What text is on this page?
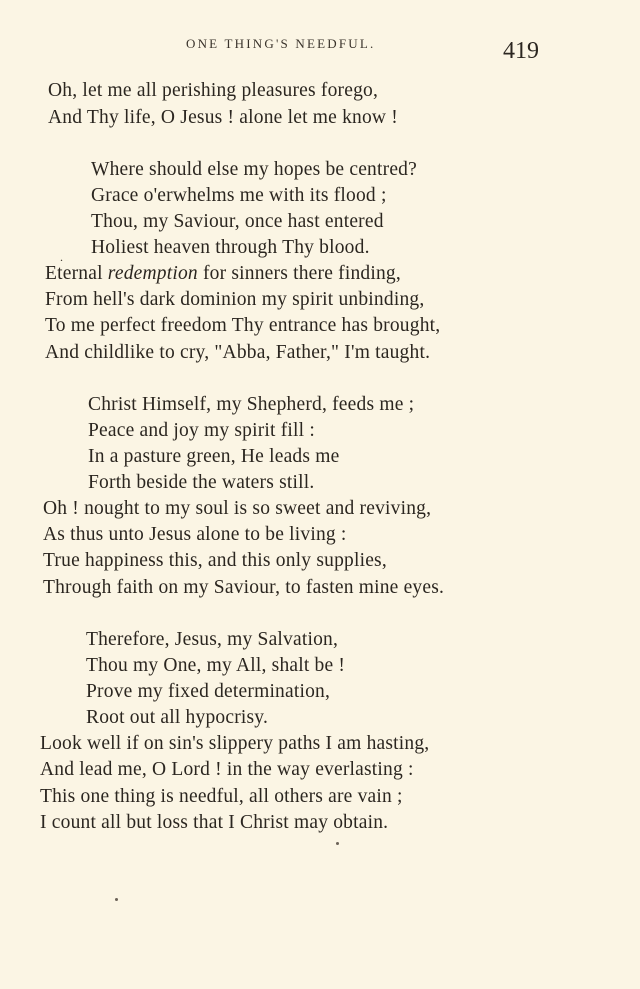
ONE THING'S NEEDFUL.	419
Oh, let me all perishing pleasures forego,
And Thy life, O Jesus ! alone let me know !
Where should else my hopes be centred?
Grace o'erwhelms me with its flood ;
Thou, my Saviour, once hast entered
. Holiest heaven through Thy blood.
Eternal redemption for sinners there finding,
From hell's dark dominion my spirit unbinding,
To me perfect freedom Thy entrance has brought,
And childlike to cry, "Abba, Father," I'm taught.
Christ Himself, my Shepherd, feeds me ;
Peace and joy my spirit fill :
In a pasture green, He leads me
Forth beside the waters still.
Oh ! nought to my soul is so sweet and reviving,
As thus unto Jesus alone to be living :
True happiness this, and this only supplies,
Through faith on my Saviour, to fasten mine eyes.
Therefore, Jesus, my Salvation,
Thou my One, my All, shalt be !
Prove my fixed determination,
Root out all hypocrisy.
Look well if on sin's slippery paths I am hasting,
And lead me, O Lord ! in the way everlasting :
This one thing is needful, all others are vain ;
I count all but loss that I Christ may obtain.
